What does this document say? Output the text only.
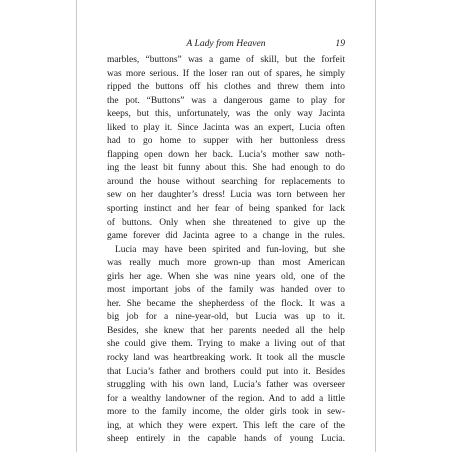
A Lady from Heaven	19

marbles, “buttons” was a game of skill, but the forfeit
was more serious. If the loser ran out of spares, he simply
ripped the buttons off his clothes and threw them into
the pot. “Buttons” was a dangerous game to play for
keeps, but this, unfortunately, was the only way Jacinta
liked to play it. Since Jacinta was an expert, Lucia often
had to go home to supper with her buttonless dress
flapping open down her back. Lucia’s mother saw noth-
ing the least bit funny about this. She had enough to do
around the house without searching for replacements to
sew on her daughter’s dress! Lucia was torn between her
sporting instinct and her fear of being spanked for lack
of buttons. Only when she threatened to give up the
game forever did Jacinta agree to a change in the rules.

Lucia may have been spirited and fun-loving, but she
was really much more grown-up than most American
girls her age. When she was nine years old, one of the
most important jobs of the family was handed over to
her. She became the shepherdess of the flock. It was a
big job for a nine-year-old, but Lucia was up to it.
Besides, she knew that her parents needed all the help
she could give them. Trying to make a living out of that
rocky land was heartbreaking work. It took all the muscle
that Lucia’s father and brothers could put into it. Besides
struggling with his own land, Lucia’s father was overseer
for a wealthy landowner of the region. And to add a little
more to the family income, the older girls took in sew-
ing, at which they were expert. This left the care of the
sheep entirely in the capable hands of young Lucia.
